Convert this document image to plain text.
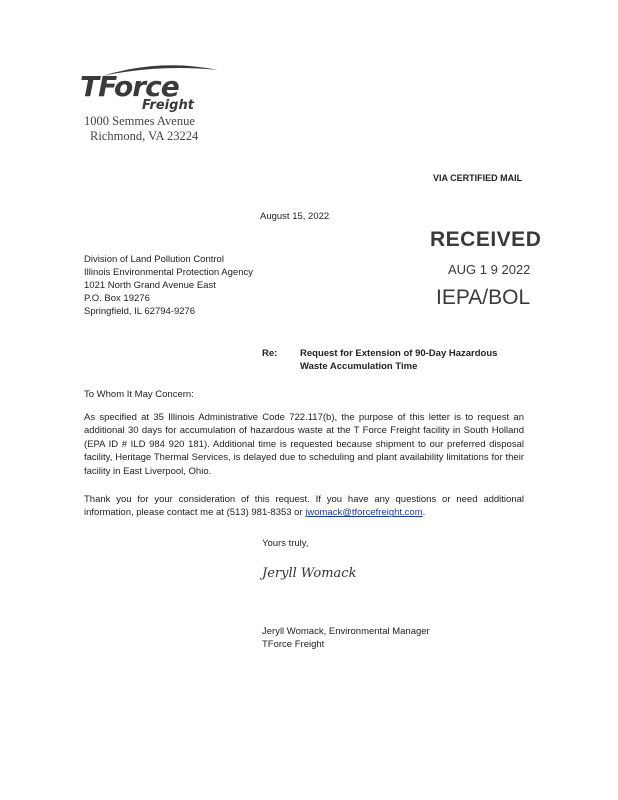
TForce
Freight
1000 Semmes Avenue
Richmond, VA 23224
VIA CERTIFIED MAIL
August 15, 2022
RECEIVED
AUG 1 9 2022
IEPA/BOL
Division of Land Pollution Control
Illinois Environmental Protection Agency
1021 North Grand Avenue East
P.O. Box 19276
Springfield, IL 62794-9276
Re: Request for Extension of 90-Day Hazardous
Waste Accumulation Time
To Whom It May Concern:
As specified at 35 Illinois Administrative Code 722.117(b), the purpose of this letter is to request an additional 30 days for accumulation of hazardous waste at the T Force Freight facility in South Holland (EPA ID # ILD 984 920 181). Additional time is requested because shipment to our preferred disposal facility, Heritage Thermal Services, is delayed due to scheduling and plant availability limitations for their facility in East Liverpool, Ohio.
Thank you for your consideration of this request. If you have any questions or need additional information, please contact me at (513) 981-8353 or jwomack@tforcefreight.com.
Yours truly,
Jeryll Womack
Jeryll Womack, Environmental Manager
TForce Freight
